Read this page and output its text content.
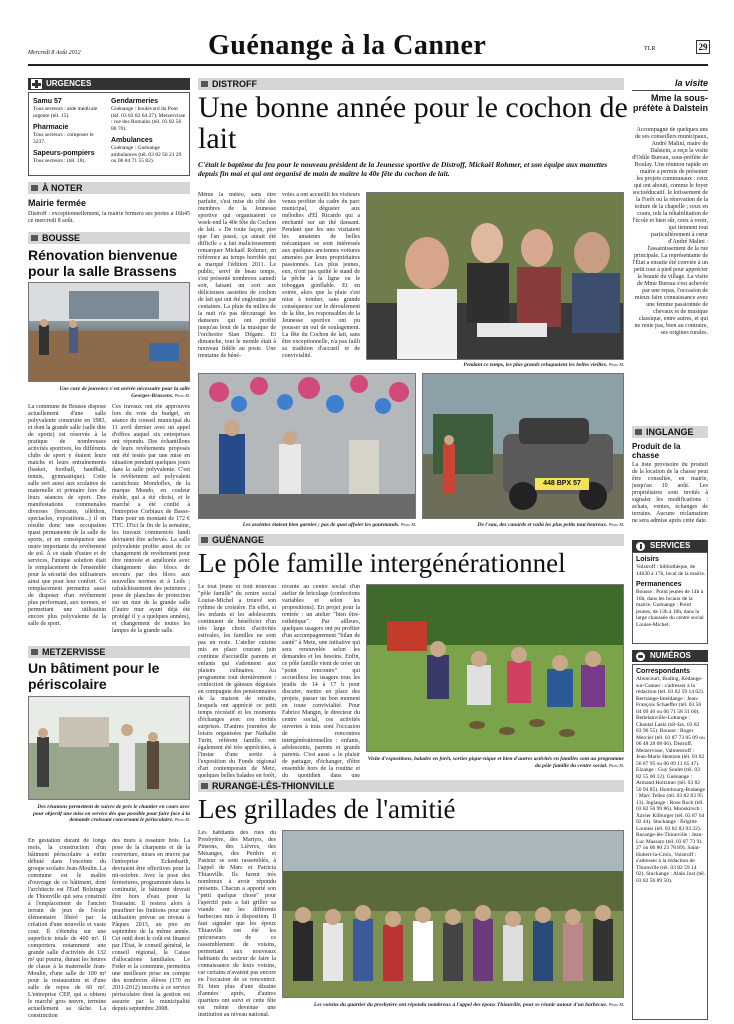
Mercredi 8 Août 2012	Guénange à la Canner	TLR	29
URGENCES
Samu 57
Tous secteurs : aide médicale urgente (tél. 15).
Pharmacie
Tous secteurs : composer le 3237.
Sapeurs-pompiers
Tous secteurs : (tél. 18).
Gendarmeries
Guénange : boulevard du Pont (tél. 03 82 82 64 27). Metzervisse : rue des Romains (tél. 03 82 56 80 70).
Ambulances
Guénange : Guénange ambulances (tél. 03 82 56 21 29 ou 06 84 71 55 82).
À NOTER
Mairie fermée
Distroff : exceptionnellement, la mairie fermera ses portes à 16h45 ce mercredi 8 août.
BOUSSE
Rénovation bienvenue pour la salle Brassens
Une cure de jouvence s'est avérée nécessaire pour la salle Georges-Brassens. Photo RL
La commune de Bousse dispose actuellement d'une salle polyvalente construite en 1983, et dont la grande salle (salle dite de sports) est réservée à la pratique de nombreuses activités sportives, les différents clubs de sport y étaient leurs matchs et leurs entraînements (basket, football, handball, tennis, gymnastique). Cette salle sert aussi aux scolaires de maternelle et primaire lors de leurs séances de sport. Des manifestations communales diverses (brocante, téléthon, spectacles, expositions...) il en résulte donc une occupation quasi permanente de la salle de sports, et en conséquence une usure importante du revêtement de sol. À ce stade d'usure et de services, l'unique solution était le remplacement de l'ensemble pour la sécurité des utilisateurs ainsi que pour leur confort. Ce remplacement permettra aussi de disposer d'un revêtement plus performant, aux normes, et permettant une utilisation encore plus polyvalente de la salle de sport.
Ces travaux ont été approuvés lors du vote du budget, en séance du conseil municipal du 11 avril dernier avec un appel d'offres auquel six entreprises ont répondu. Des échantillons de leurs revêtements proposés ont été testés par une mise en situation pendant quelques jours dans la salle polyvalente. C'est le revêtement sol polyvalent caoutchouc Mondoflex, de la marque Mondo, en couleur érable, qui a été choisi, et le marché a été confié à l'entreprise Corbiaux de Basse-Ham pour un montant de 172 € TTC. D'ici la fin de la semaine, les travaux commencés lundi devraient être achevés. La salle polyvalente profite aussi de ce changement de revêtement pour être rénovée et améliorée avec changement des blocs de secours par des blocs aux nouvelles normes et à Leds ; rafraîchissement des peintures ; pose de planches de protection sur un mur de la grande salle (l'autre mur ayant déjà été protégé il y a quelques années), et changement de toutes les lampes de la grande salle.
METZERVISSE
Un bâtiment pour le périscolaire
Des réunions permettent de suivre de près le chantier en cours avec pour objectif une mise en service dès que possible pour faire face à la demande croissant concernant le périscolaire. Photo RL
En gestation durant de longs mois, la construction d'un bâtiment périscolaire a enfin débuté dans l'enceinte du groupe scolaire Jean-Moulin. La commune est le maître d'ouvrage de ce bâtiment, dont l'architecte est l'Eurl Bolzinger de Thionville qui sera construit à l'emplacement de l'ancien terrain de jeux de l'école élémentaire libéré par la création d'une nouvelle et vaste cour. Il s'étendra sur une superficie totale de 400 m². Il comportera notamment une grande salle d'activités de 132 m² qui pourra, durant les heures de classe à la maternelle Jean-Moulin, d'une salle de 100 m² pour la restauration et d'une salle de repos de 60 m². L'entreprise CEP, qui a obtenu le marché gros œuvre, termine actuellement sa tâche. La construction
des murs à ossature bois. La pose de la charpente et de la couverture, mises en œuvre par l'entreprise Eckenbarth, devraient être effectives pour la mi-octobre. Avec la pose des fermetures, programmée dans la continuité, le bâtiment devrait être hors d'eau pour la Toussaint. Il restera alors à peaufiner les finitions pour une utilisation prévue au niveau à Pâques 2013, au pire en septembre de la même année. Cet outil dont le coût est financé par l'État, le conseil général, le conseil régional, la Caisse d'allocations familiales. Le Feder et la commune, permettra une meilleure prise en compte des nombreux élèves (170 en 2011-2012) inscrits à ce service périscolaire dont la gestion est assurée par la municipalité depuis septembre 2008.
DISTROFF
Une bonne année pour le cochon de lait
C'était le baptême du feu pour le nouveau président de la Jeunesse sportive de Distroff, Mickaël Rohmer, et son équipe aux manettes depuis fin mai et qui ont organisé de main de maître la 40e fête du cochon de lait.
Même la météo, sans être parfaite, s'est mise du côté des membres de la Jeunesse sportive qui organisaient ce week-end la 40e fête du Cochon de lait. « De toute façon, pire que l'an passé, ça aurait été difficile » a fait malicieusement remarquer Mickaël Rohmer, en référence au temps horrible qui a marqué l'édition 2011. Le public, servi de beau temps, s'est présenté nombreux samedi soir, faisant un sort aux délicieuses assiettes de cochon de lait qui ont été englouties par centaines. La pluie du milieu de la nuit n'a pas découragé les danseurs qui ont profité jusqu'au bout de la musique de l'orchestre Stan Déganc. Et dimanche, tout le monde était à nouveau fidèle au poste. Une trentaine de béné-
voles a ont accueilli les visiteurs venus profiter du cadre du parc municipal, déguster aux mélodies d'El Ricardo qui a enchanté sur un thé dansant. Pendant que les uns visitaient les amateurs de belles mécaniques se sont intéressés aux quelques anciennes voitures amenées par leurs propriétaires passionnés. Les plus jeunes, eux, n'ont pas quitté le stand de la pêche à la ligne ou le toboggan gonflable. Et en soirée, alors que la pluie s'est mise à tomber, sans grande conséquence sur le déroulement de la fête, les responsables de la Jeunesse sportive ont pu pousser un ouf de soulagement. La fête du Cochon de lait, sans être exceptionnelle, n'a pas failli sa tradition d'accueil et de convivialité.
Pendant ce temps, les plus grands reluquaient les belles vieilles. Photo RL
Les assiettes étaient bien garnies ; pas de quoi affoler les gourmands. Photo RL
448 BPX 57
De l'eau, des canards et voilà les plus petits tout heureux. Photo RL
GUÉNANGE
Le pôle famille intergénérationnel
Le tout jeune et tout nouveau "pôle famille" du centre social Louise-Michel a trouvé son rythme de croisière. En effet, si les enfants et les adolescents continuent de bénéficier d'un très large choix d'activités estivales, les familles ne sont pas en reste. L'atelier cuisine mis en place courant juin continue d'accueillir parents et enfants qui s'adonnent aux plaisirs culinaires. Au programme tout dernièrement : confection de gâteaux déguisés en compagnie des pensionnaires de la maison de retraite, lesquels ont apprécié ce petit temps récréatif et les moments d'échanges avec ces invités surprises. D'autres journées de loisirs organisées par Nathalie Turin, référent famille, ont également été très appréciées, à l'instar d'une sortie à l'exposition du Fonds régional d'art contemporain de Metz, quelques belles balades en forêt,
récente au centre social d'un atelier de bricolage (confections variables et selon les propositions). En projet pour la rentrée : un atelier "bien être-esthétique". Par ailleurs, quelques usagers ont pu profiter d'un accompagnement "bilan de santé" à Metz, une initiative qui sera renouvelée selon les demandes et les besoins. Enfin, ce pôle famille vient de créer un "point rencontre" qui accueillera les usagers tous les jeudis de 14 à 17 h pour discuter, mettre en place des projets, passer un bon moment en toute convivialité. Pour Fabrice Mangin, le directeur du centre social, ces activités ouvertes à tous sont l'occasion de rencontres intergénérationnelles : enfants, adolescents, parents et grands parents. C'est aussi « le plaisir de partager, d'échanger, d'être ensemble hors de la routine et du quotidien dans une
Visite d'expositions, balades en forêt, sorties pique-nique et bien d'autres activités en familles sont au programme du pôle famille du centre social. Photo RL
RURANGE-LÈS-THIONVILLE
Les grillades de l'amitié
Les habitants des rues du Presbytère, des Martyrs, des Pinsons, des Lièvres, des Mésanges, des Perdrix et Pasteur se sont rassemblés, à l'appel de Marc et Patricia Thiauville. Ils furent très nombreux à avoir répondu présents. Chacun a apporté son "petit quelque chose" pour l'apéritif puis a fait griller sa viande sur les différents barbecues mis à disposition. Il faut signaler que les époux Thiauville ont été les précurseurs de ce rassemblement de voisins, permettant aux nouveaux habitants du secteur de faire la connaissance de leurs voisins, car certains n'avaient pas encore eu l'occasion de se rencontrer. Et bien plus d'une dizaine d'années après, d'autres quartiers ont suivi et cette fête est même devenue une institution au niveau national.
Les voisins du quartier du presbytère ont répondu nombreux à l'appel des époux Thiauville, pour se réunir autour d'un barbecue. Photo RL
la visite
Mme la sous-préfète à Dalstein
Accompagné de quelques uns de ses conseillers municipaux, André Malini, maire de Dalstein, a reçu la visite d'Odile Bureau, sous-préfète de Boulay. Une réunion rapide en mairie a permis de présenter les projets communaux : ceux qui ont abouti, comme le foyer socioéducatif. le lotissement de la Forêt ou la rénovation de la toiture de la chapelle ; ceux en cours, tels la réhabilitation de l'école et bien sûr, ceux à venir, qui tiennent tout particulièrement à cœur d'André Malini : l'assainissement de la rue principale. La représentante de l'État a ensuite été conviée à un petit tour à pied pour apprécier la beauté du village. La visite de Mme Bureau s'est achevée par une repas, l'occasion de mieux faire connaissance avec une femme passionnée de chevaux et de musique classique, entre autres, et qui ne renie pas, bien au contraire, ses origines rurales.
INGLANGE
Produit de la chasse
La liste provisoire du produit de la location de la chasse peut être consultée, en mairie, jusqu'au 10 août. Les propriétaires sont invités à signaler les modifications : achats, ventes, échanges de terrains. Aucune réclamation ne sera admise après cette date.
SERVICES
Loisirs
Volstroff : bibliothèque, de 14h30 à 17h, local de la mairie.
Permanences
Bousse : Point jeunes de 14h à 16h, dans les locaux de la mairie. Guénange : Point jeunes, de 13h à 18h, dans la large chaussée du centre social Louise-Michel.
NUMÉROS
Correspondants
Aboncourt, Buding, Kédange-sur-Canner : s'adresser à la rédaction (tél. 03 82 59 14 02). Bertrange-Imeldange : Jean-François Schaeffer (tél. 03 56 04 09 40 ou 06 71 58 31 60). Bettelainville-Luttange : Chantal Laski (tél-fax. 03 82 83 96 55). Bousse : Roger Mercier (tél. 03 87 73 05 09 ou 06 48 28 08 06). Distroff, Metzervisse, Valmestroff : Jean-Marie Hentzen (tél. 03 82 56 87 95 ou 06 09 11 65 47). Elzange : Guy Soulet (tél. 03 82 55 00 12). Guénange : Armand Holtzmer (tél. 03 82 50 94 85). Hombourg-Budange : Marc Tellez (tél. 03 82 83 95 13). Inglange : Rose Rock (tél. 03 82 56 99 86). Monskirsch : Xavier Kilburger (tél. 03 87 64 92 44). Stuckange : Brigitte Louniss (tél. 03 82 83 93 22). Rurange-lès-Thionville : Jean-Luc Massaro (tél. 03 87 73 91 27 ou 06 80 23 78 89). Saint-Hubert-la-Croix, Volstroff : s'adresser à la rédaction de Thionville (tél. 03 82 59 14 02). Stuckange : Alain Jost (tél. 03 82 56 89 50).
